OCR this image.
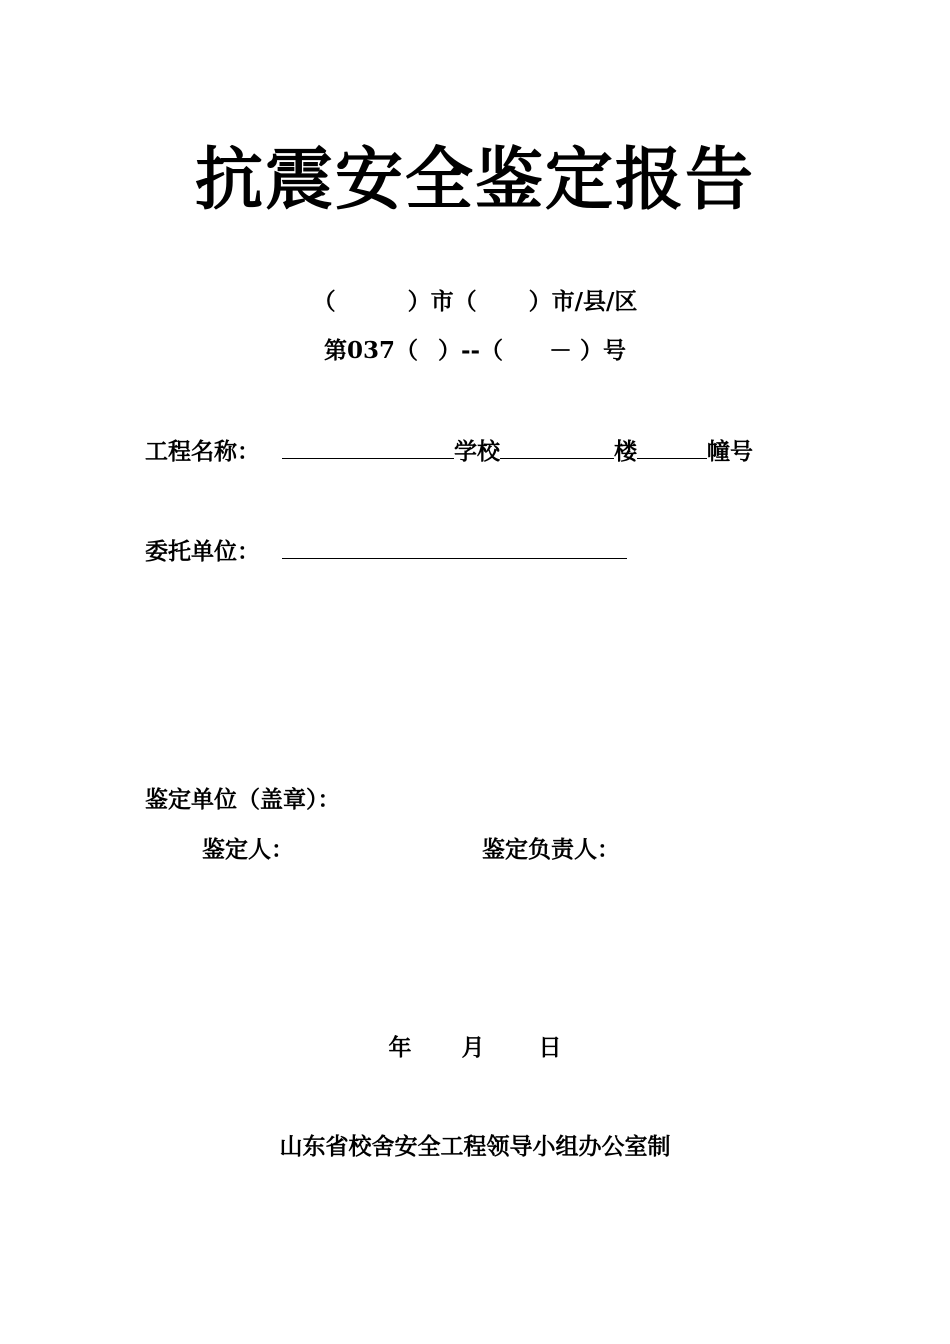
抗震安全鉴定报告
（	）市（ ）市/县/区
第037（ ）--（ － ）号
工程名称：	学校	楼	幢号
委托单位：
鉴定单位（盖章）：
鉴定人：	鉴定负责人：
年 月 日
山东省校舍安全工程领导小组办公室制
